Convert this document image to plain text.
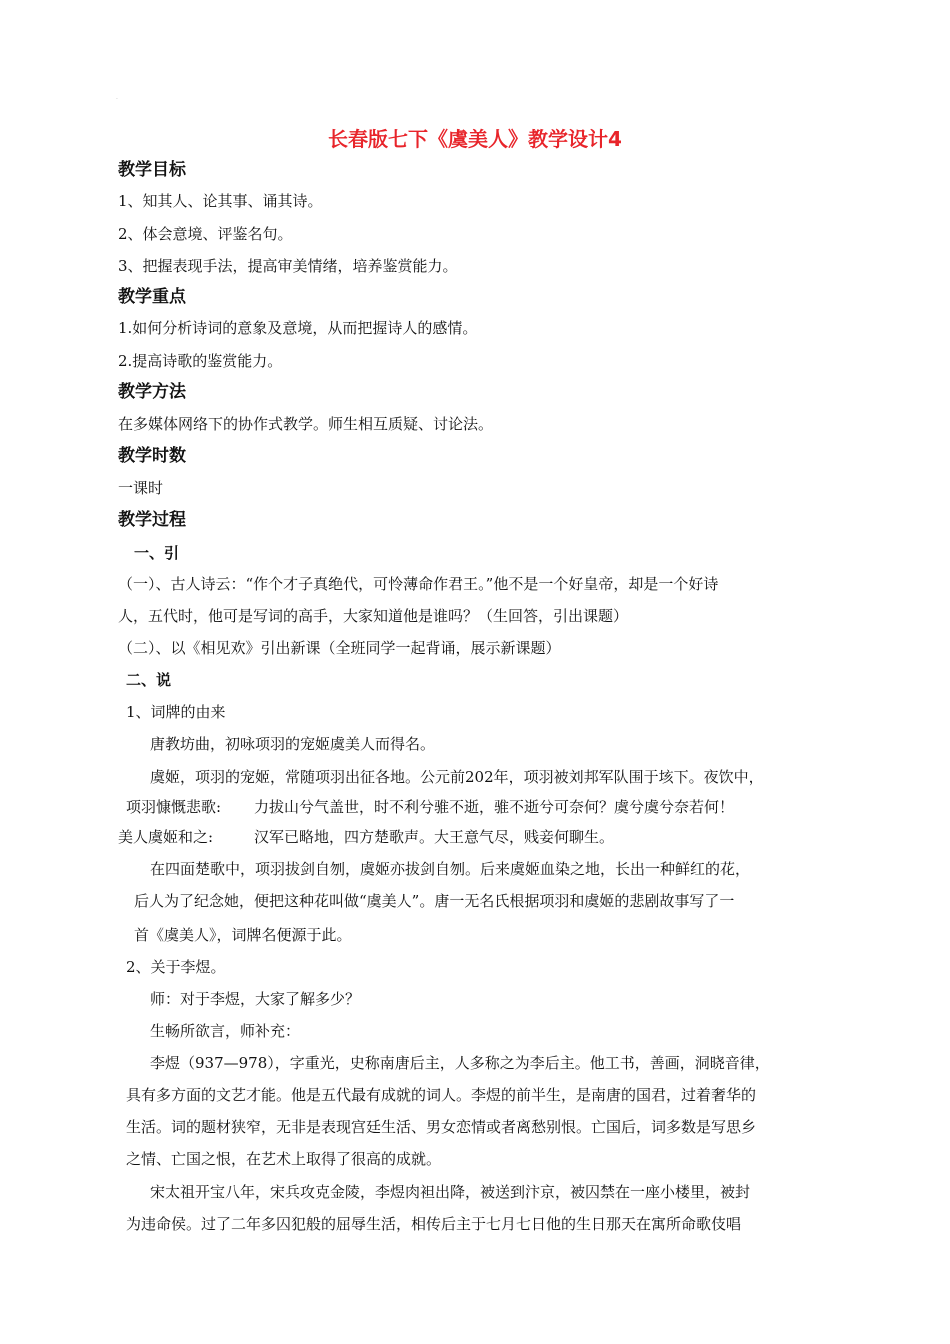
·
长春版七下《虞美人》教学设计4
教学目标
1、知其人、论其事、诵其诗。
2、体会意境、评鉴名句。
3、把握表现手法，提高审美情绪，培养鉴赏能力。
教学重点
1.如何分析诗词的意象及意境，从而把握诗人的感情。
2.提高诗歌的鉴赏能力。
教学方法
在多媒体网络下的协作式教学。师生相互质疑、讨论法。
教学时数
一课时
教学过程
一、引
（一）、古人诗云：“作个才子真绝代，可怜薄命作君王。”他不是一个好皇帝，却是一个好诗
人，五代时，他可是写词的高手，大家知道他是谁吗？（生回答，引出课题）
（二）、以《相见欢》引出新课（全班同学一起背诵，展示新课题）
二、说
1、词牌的由来
唐教坊曲，初咏项羽的宠姬虞美人而得名。
虞姬，项羽的宠姬，常随项羽出征各地。公元前202年，项羽被刘邦军队围于垓下。夜饮中，
项羽慷慨悲歌: 力拔山兮气盖世，时不利兮骓不逝，骓不逝兮可奈何？虞兮虞兮奈若何！
美人虞姬和之:	汉军已略地，四方楚歌声。大王意气尽，贱妾何聊生。
在四面楚歌中，项羽拔剑自刎，虞姬亦拔剑自刎。后来虞姬血染之地，长出一种鲜红的花，
后人为了纪念她，便把这种花叫做“虞美人”。唐一无名氏根据项羽和虞姬的悲剧故事写了一
首《虞美人》，词牌名便源于此。
2、关于李煜。
师：对于李煜，大家了解多少？
生畅所欲言，师补充：
李煜（937—978），字重光，史称南唐后主，人多称之为李后主。他工书，善画，洞晓音律，
具有多方面的文艺才能。他是五代最有成就的词人。李煜的前半生，是南唐的国君，过着奢华的
生活。词的题材狭窄，无非是表现宫廷生活、男女恋情或者离愁别恨。亡国后，词多数是写思乡
之情、亡国之恨，在艺术上取得了很高的成就。
宋太祖开宝八年，宋兵攻克金陵，李煜肉袒出降，被送到汴京，被囚禁在一座小楼里，被封
为违命侯。过了二年多囚犯般的屈辱生活，相传后主于七月七日他的生日那天在寓所命歌伎唱
